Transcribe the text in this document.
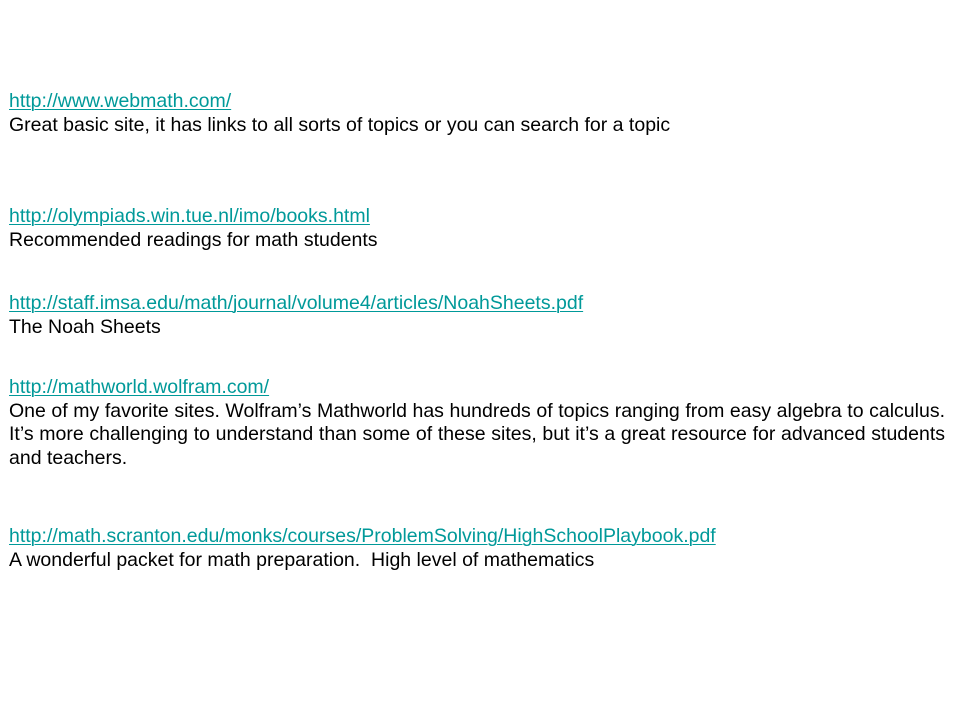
http://www.webmath.com/
Great basic site, it has links to all sorts of topics or you can search for a topic
http://olympiads.win.tue.nl/imo/books.html
Recommended readings for math students
http://staff.imsa.edu/math/journal/volume4/articles/NoahSheets.pdf
The Noah Sheets
http://mathworld.wolfram.com/
One of my favorite sites. Wolfram’s Mathworld has hundreds of topics ranging from easy algebra to calculus. It’s more challenging to understand than some of these sites, but it’s a great resource for advanced students and teachers.
http://math.scranton.edu/monks/courses/ProblemSolving/HighSchoolPlaybook.pdf
A wonderful packet for math preparation.  High level of mathematics
